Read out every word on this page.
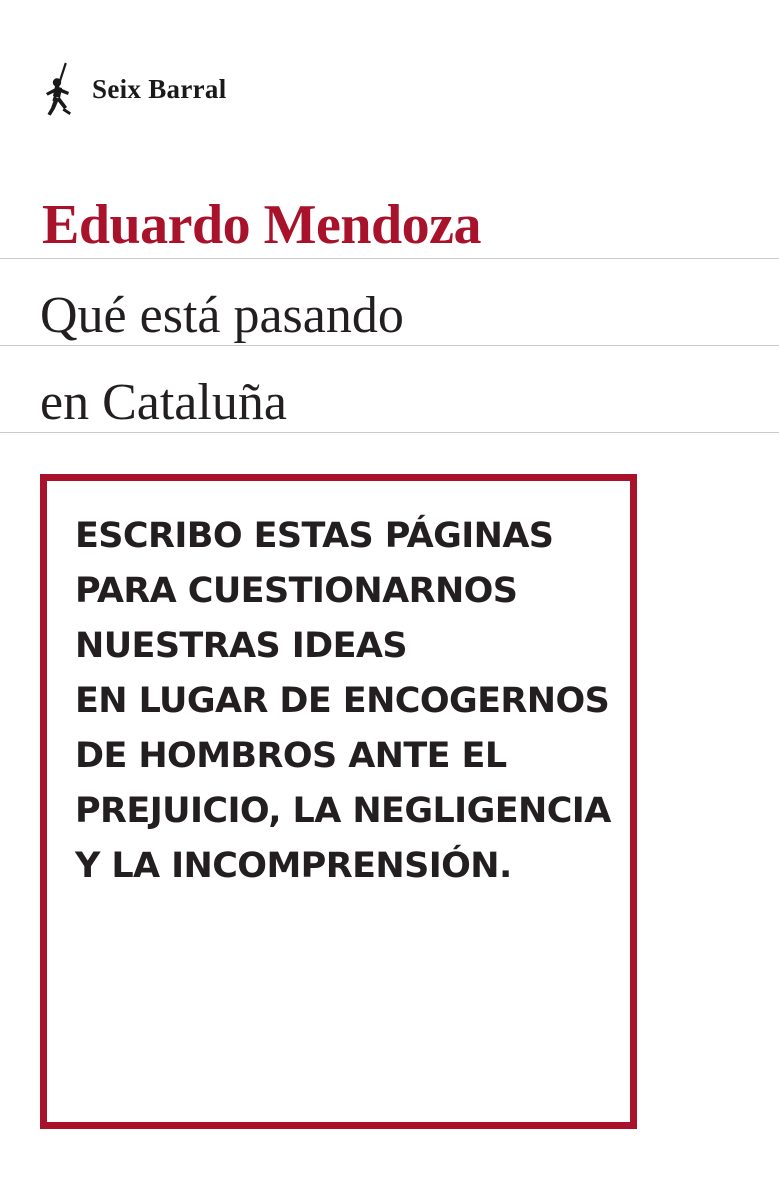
Seix Barral
Eduardo Mendoza
Qué está pasando
en Cataluña
ESCRIBO ESTAS PÁGINAS
PARA CUESTIONARNOS
NUESTRAS IDEAS
EN LUGAR DE ENCOGERNOS
DE HOMBROS ANTE EL
PREJUICIO, LA NEGLIGENCIA
Y LA INCOMPRENSIÓN.
